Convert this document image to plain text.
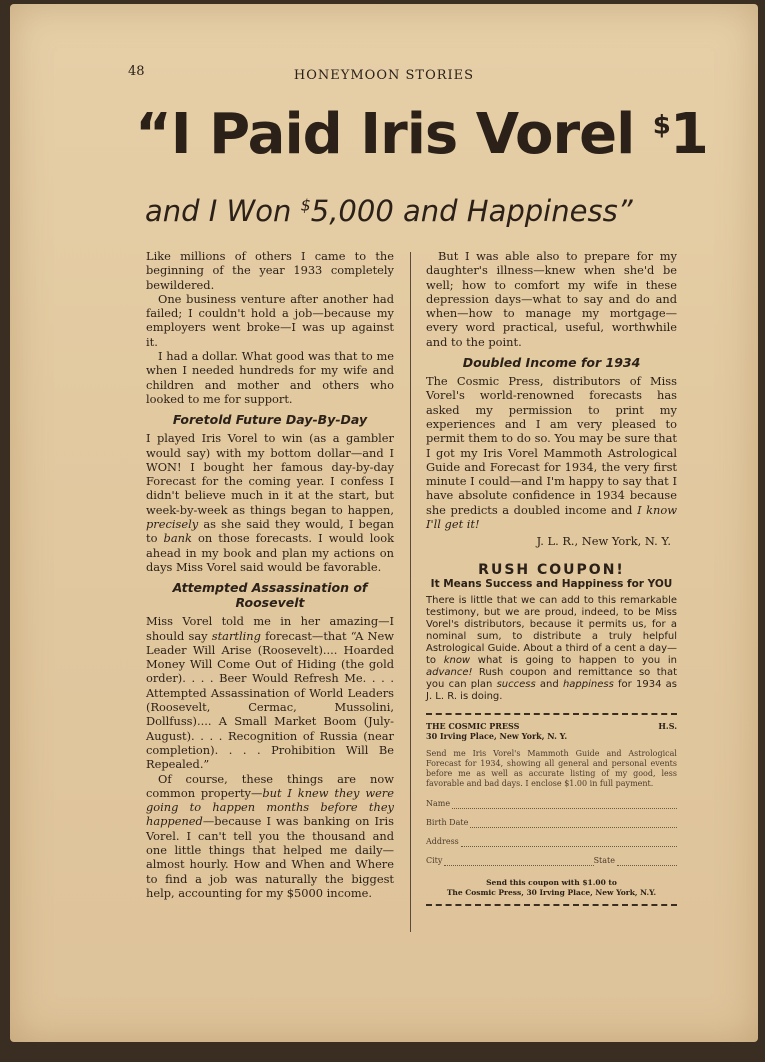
48	HONEYMOON STORIES
“I Paid Iris Vorel $1
and I Won $5,000 and Happiness”

Like millions of others I came to the beginning of the year 1933 completely bewildered.

One business venture after another had failed; I couldn't hold a job—because my employers went broke—I was up against it.

I had a dollar. What good was that to me when I needed hundreds for my wife and children and mother and others who looked to me for support.

Foretold Future Day-By-Day

I played Iris Vorel to win (as a gambler would say) with my bottom dollar—and I WON! I bought her famous day-by-day Forecast for the coming year. I confess I didn't believe much in it at the start, but week-by-week as things began to happen, precisely as she said they would, I began to bank on those forecasts. I would look ahead in my book and plan my actions on days Miss Vorel said would be favorable.

Attempted Assassination of Roosevelt

Miss Vorel told me in her amazing—I should say startling forecast—that “A New Leader Will Arise (Roosevelt).... Hoarded Money Will Come Out of Hiding (the gold order). . . . Beer Would Refresh Me. . . . Attempted Assassination of World Leaders (Roosevelt, Cermac, Mussolini, Dollfuss).... A Small Market Boom (July-August). . . . Recognition of Russia (near completion). . . . Prohibition Will Be Repealed.”

Of course, these things are now common property—but I knew they were going to happen months before they happened—because I was banking on Iris Vorel. I can't tell you the thousand and one little things that helped me daily—almost hourly. How and When and Where to find a job was naturally the biggest help, accounting for my $5000 income.

But I was able also to prepare for my daughter's illness—knew when she'd be well; how to comfort my wife in these depression days—what to say and do and when—how to manage my mortgage—every word practical, useful, worthwhile and to the point.

Doubled Income for 1934

The Cosmic Press, distributors of Miss Vorel's world-renowned forecasts has asked my permission to print my experiences and I am very pleased to permit them to do so. You may be sure that I got my Iris Vorel Mammoth Astrological Guide and Forecast for 1934, the very first minute I could—and I'm happy to say that I have absolute confidence in 1934 because she predicts a doubled income and I know I'll get it!

J. L. R., New York, N. Y.
RUSH COUPON!
It Means Success and Happiness for YOU

There is little that we can add to this remarkable testimony, but we are proud, indeed, to be Miss Vorel's distributors, because it permits us, for a nominal sum, to distribute a truly helpful Astrological Guide. About a third of a cent a day—to know what is going to happen to you in advance! Rush coupon and remittance so that you can plan success and happiness for 1934 as J. L. R. is doing.

THE COSMIC PRESS	H.S.
30 Irving Place, New York, N. Y.
Send me Iris Vorel's Mammoth Guide and Astrological Forecast for 1934, showing all general and personal events before me as well as accurate listing of my good, less favorable and bad days. I enclose $1.00 in full payment.
Name
Birth Date
Address
City	State
Send this coupon with $1.00 to
The Cosmic Press, 30 Irving Place, New York, N.Y.
